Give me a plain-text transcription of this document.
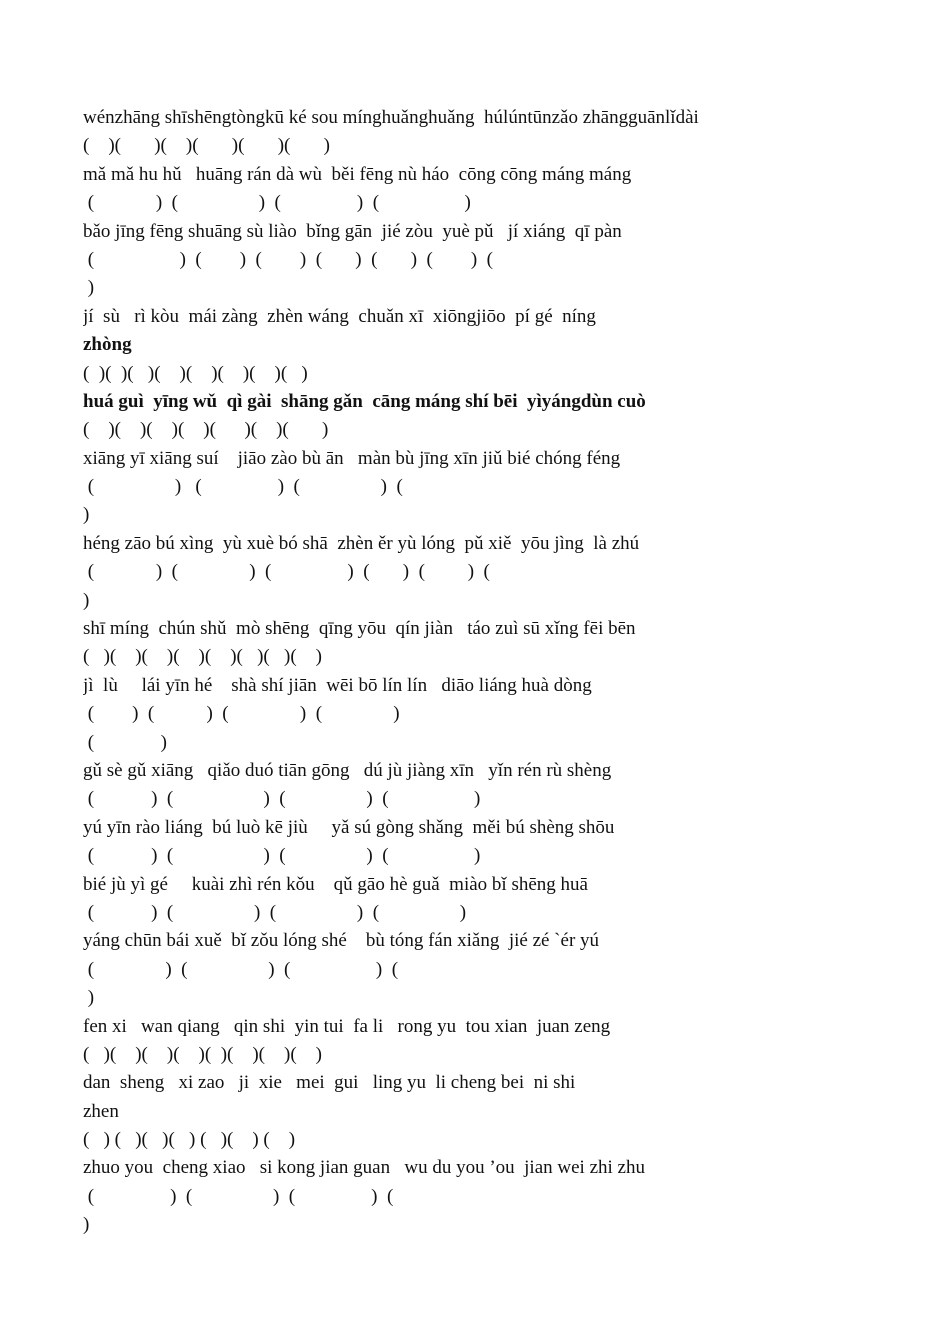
wénzhāng shīshēngtòngkū ké sou mínghuǎnghuǎng  húlúntūnzǎo zhāngguānlǐdài
(    )(       )(    )(       )(       )(       )
mǎ mǎ hu hǔ   huāng rán dà wù  běi fēng nù háo  cōng cōng máng máng
(             )  (                 )  (                )  (                  )
bǎo jīng fēng shuāng sù liào  bǐng gān  jié zòu  yuè pǔ   jí xiáng  qī pàn
(                  )  (        )  (        )  (       )  (       )  (        )  (
)
jí  sù   rì kòu  mái zàng  zhèn wáng  chuǎn xī  xiōngjiōo  pí gé  níng
zhòng
(  )(  )(   )(    )(    )(    )(    )(   )
huá guì  yīng wǔ  qì gài  shāng gǎn  cāng máng shí bēi  yìyángdùn cuò
(    )(    )(    )(    )(      )(    )(       )
xiāng yī xiāng suí    jiāo zào bù ān   màn bù jīng xīn jiǔ bié chóng féng
(                 )   (                )  (                 )  (
)
héng zāo bú xìng  yù xuè bó shā  zhèn ěr yù lóng  pǔ xiě  yōu jìng  là zhú
(             )  (               )  (                )  (       )  (         )  (
)
shī míng  chún shǔ  mò shēng  qīng yōu  qín jiàn   táo zuì sū xǐng fēi bēn
(   )(    )(    )(    )(    )(   )(   )(    )
jì  lù     lái yīn hé    shà shí jiān  wēi bō lín lín   diāo liáng huà dòng
(        )  (           )  (               )  (               )
(              )
gǔ sè gǔ xiāng   qiǎo duó tiān gōng   dú jù jiàng xīn   yǐn rén rù shèng
(            )  (                   )  (                 )  (                  )
yú yīn rào liáng  bú luò kē jiù     yǎ sú gòng shǎng  měi bú shèng shōu
(            )  (                   )  (                 )  (                  )
bié jù yì gé     kuài zhì rén kǒu    qǔ gāo hè guǎ  miào bǐ shēng huā
(            )  (                 )  (                 )  (                 )
yáng chūn bái xuě  bǐ zǒu lóng shé    bù tóng fán xiǎng  jié zé ˋér yú
(               )  (                 )  (                  )  (
)
fen xi   wan qiang   qin shi  yin tui  fa li   rong yu  tou xian  juan zeng
(   )(    )(    )(    )(  )(    )(    )(    )
dan  sheng   xi zao   ji  xie   mei  gui   ling yu  li cheng bei  ni shi
zhen
(   ) (   )(   )(   ) (   )(    ) (    )
zhuo you  cheng xiao   si kong jian guan   wu du you ’ou  jian wei zhi zhu
(                )  (                 )  (                )  (
)
